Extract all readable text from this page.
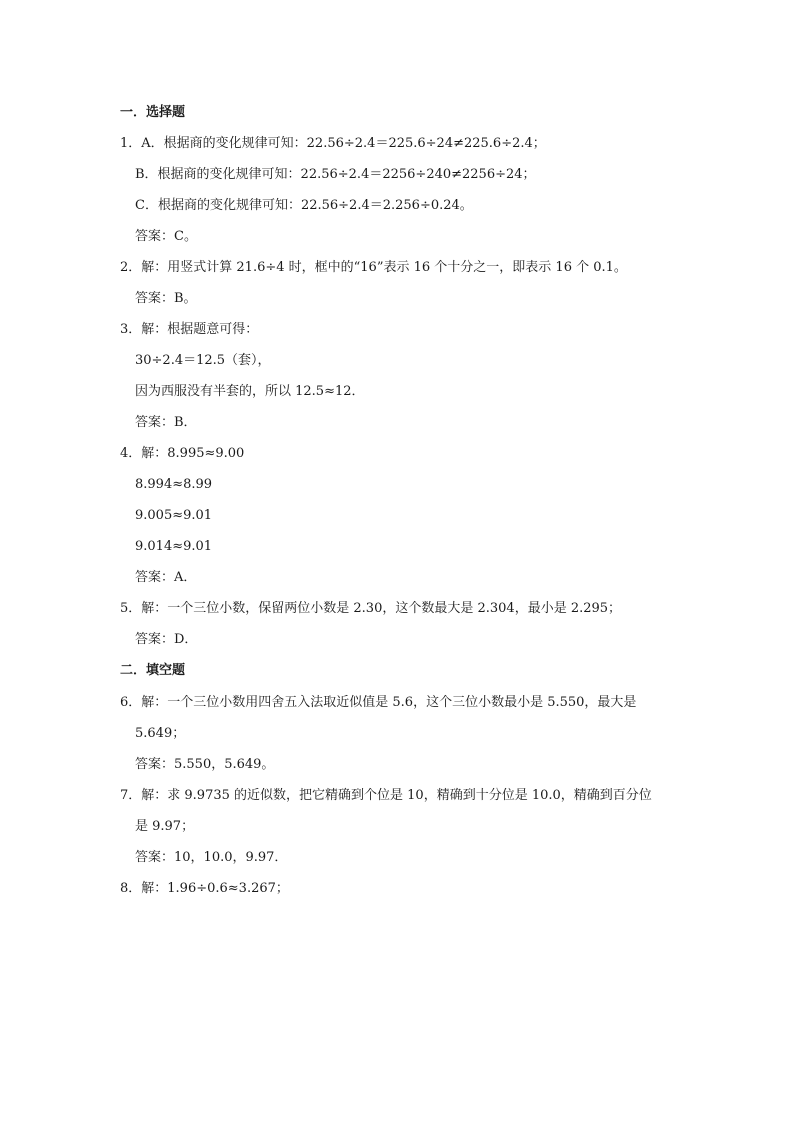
一．选择题
1．A．根据商的变化规律可知：22.56÷2.4＝225.6÷24≠225.6÷2.4；
B．根据商的变化规律可知：22.56÷2.4＝2256÷240≠2256÷24；
C．根据商的变化规律可知：22.56÷2.4＝2.256÷0.24。
答案：C。
2．解：用竖式计算 21.6÷4 时，框中的“16”表示 16 个十分之一，即表示 16 个 0.1。
答案：B。
3．解：根据题意可得：
30÷2.4＝12.5（套），
因为西服没有半套的，所以 12.5≈12．
答案：B．
4．解：8.995≈9.00
8.994≈8.99
9.005≈9.01
9.014≈9.01
答案：A．
5．解：一个三位小数，保留两位小数是 2.30，这个数最大是 2.304，最小是 2.295；
答案：D．
二．填空题
6．解：一个三位小数用四舍五入法取近似值是 5.6，这个三位小数最小是 5.550，最大是
5.649；
答案：5.550，5.649。
7．解：求 9.9735 的近似数，把它精确到个位是 10，精确到十分位是 10.0，精确到百分位
是 9.97；
答案：10，10.0，9.97．
8．解：1.96÷0.6≈3.267；
